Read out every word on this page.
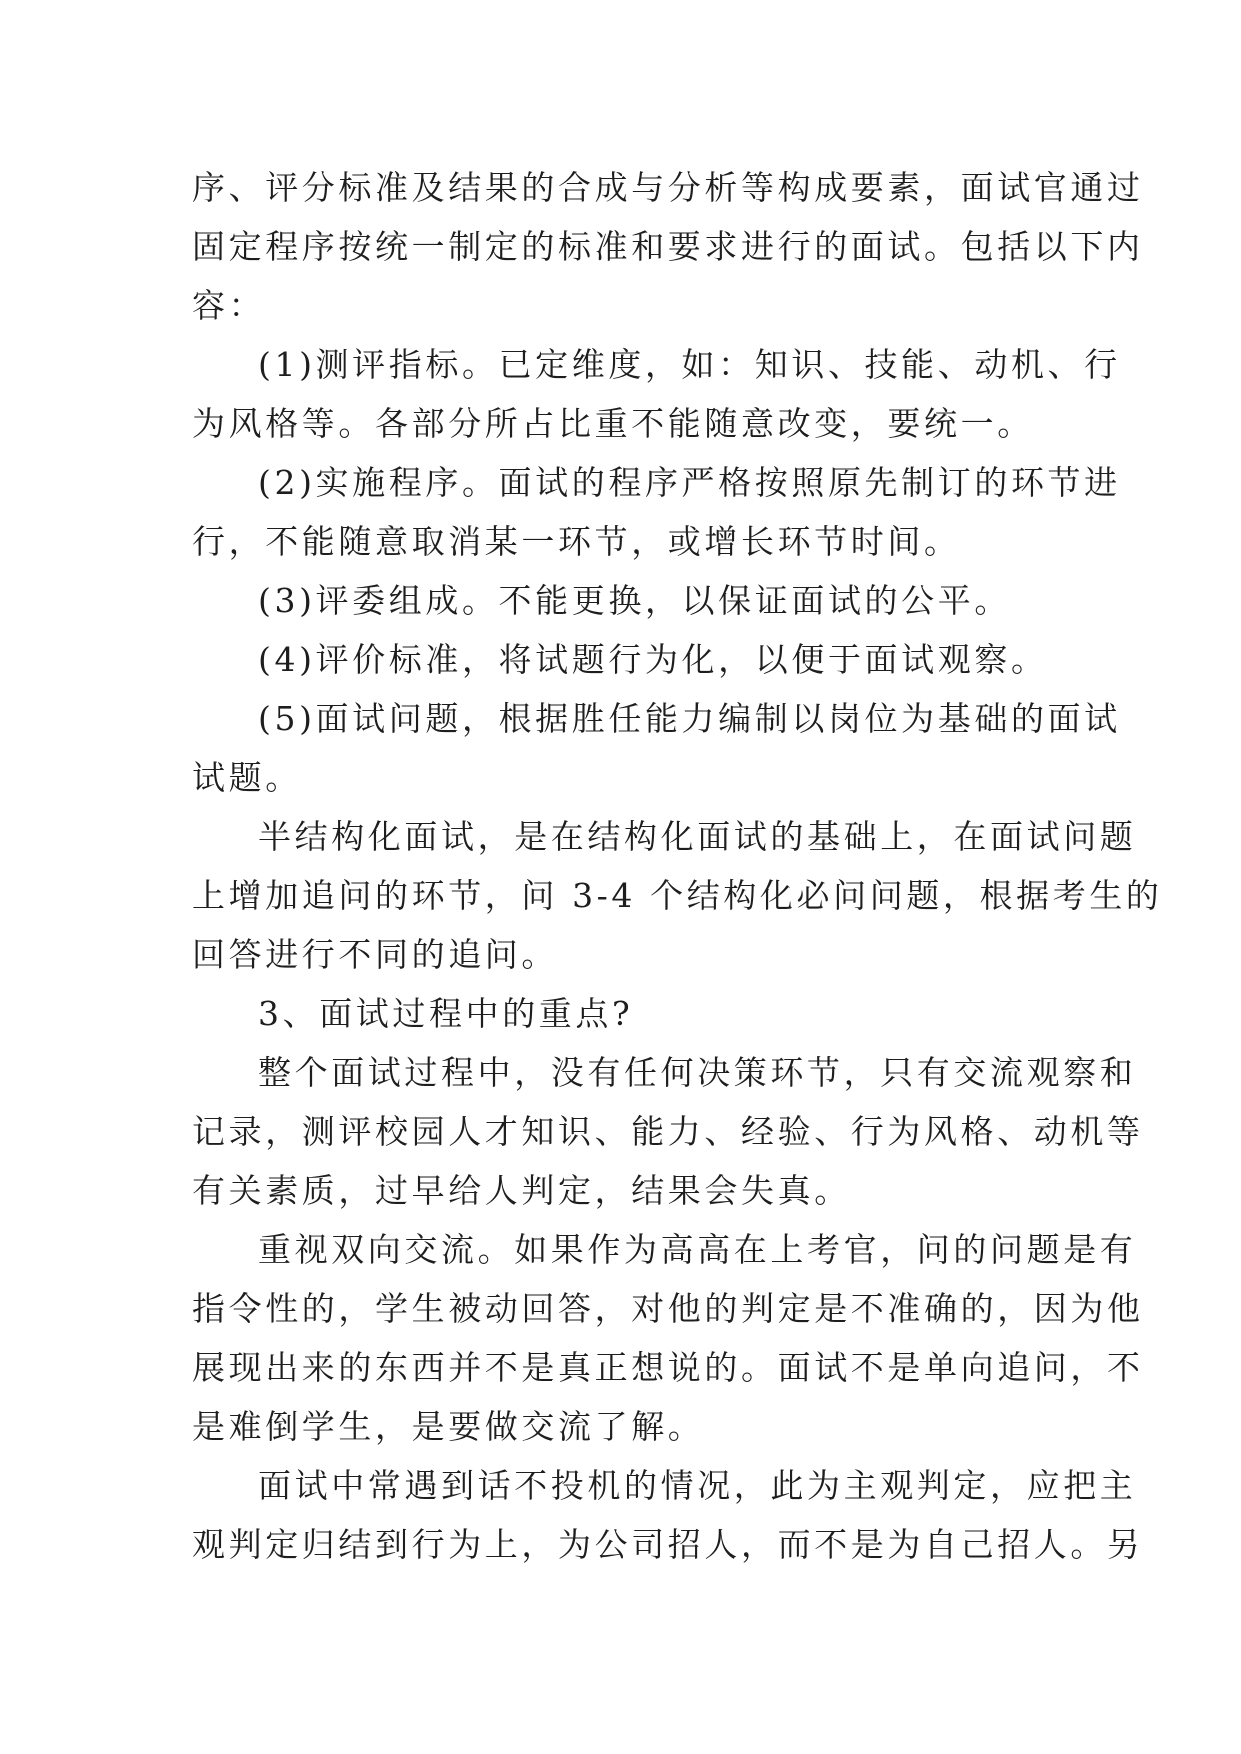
序、评分标准及结果的合成与分析等构成要素，面试官通过
固定程序按统一制定的标准和要求进行的面试。包括以下内
容：
(1)测评指标。已定维度，如：知识、技能、动机、行
为风格等。各部分所占比重不能随意改变，要统一。
(2)实施程序。面试的程序严格按照原先制订的环节进
行，不能随意取消某一环节，或增长环节时间。
(3)评委组成。不能更换，以保证面试的公平。
(4)评价标准，将试题行为化，以便于面试观察。
(5)面试问题，根据胜任能力编制以岗位为基础的面试
试题。
半结构化面试，是在结构化面试的基础上，在面试问题
上增加追问的环节，问 3-4 个结构化必问问题，根据考生的
回答进行不同的追问。
3、面试过程中的重点?
整个面试过程中，没有任何决策环节，只有交流观察和
记录，测评校园人才知识、能力、经验、行为风格、动机等
有关素质，过早给人判定，结果会失真。
重视双向交流。如果作为高高在上考官，问的问题是有
指令性的，学生被动回答，对他的判定是不准确的，因为他
展现出来的东西并不是真正想说的。面试不是单向追问，不
是难倒学生，是要做交流了解。
面试中常遇到话不投机的情况，此为主观判定，应把主
观判定归结到行为上，为公司招人，而不是为自己招人。另
